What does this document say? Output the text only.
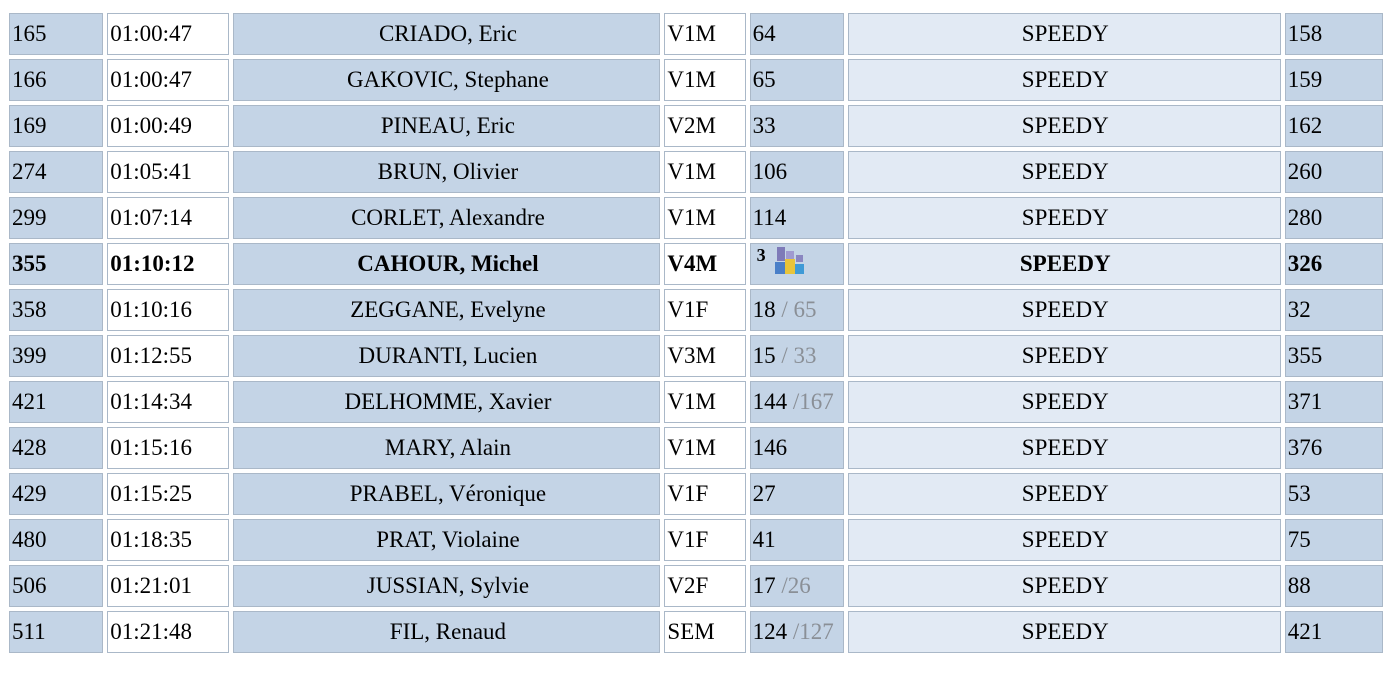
165	01:00:47	CRIADO, Eric	V1M	64	SPEEDY	158
166	01:00:47	GAKOVIC, Stephane	V1M	65	SPEEDY	159
169	01:00:49	PINEAU, Eric	V2M	33	SPEEDY	162
274	01:05:41	BRUN, Olivier	V1M	106	SPEEDY	260
299	01:07:14	CORLET, Alexandre	V1M	114	SPEEDY	280
355	01:10:12	CAHOUR, Michel	V4M	3	SPEEDY	326
358	01:10:16	ZEGGANE, Evelyne	V1F	18 / 65	SPEEDY	32
399	01:12:55	DURANTI, Lucien	V3M	15 / 33	SPEEDY	355
421	01:14:34	DELHOMME, Xavier	V1M	144 /167	SPEEDY	371
428	01:15:16	MARY, Alain	V1M	146	SPEEDY	376
429	01:15:25	PRABEL, Véronique	V1F	27	SPEEDY	53
480	01:18:35	PRAT, Violaine	V1F	41	SPEEDY	75
506	01:21:01	JUSSIAN, Sylvie	V2F	17 /26	SPEEDY	88
511	01:21:48	FIL, Renaud	SEM	124 /127	SPEEDY	421
